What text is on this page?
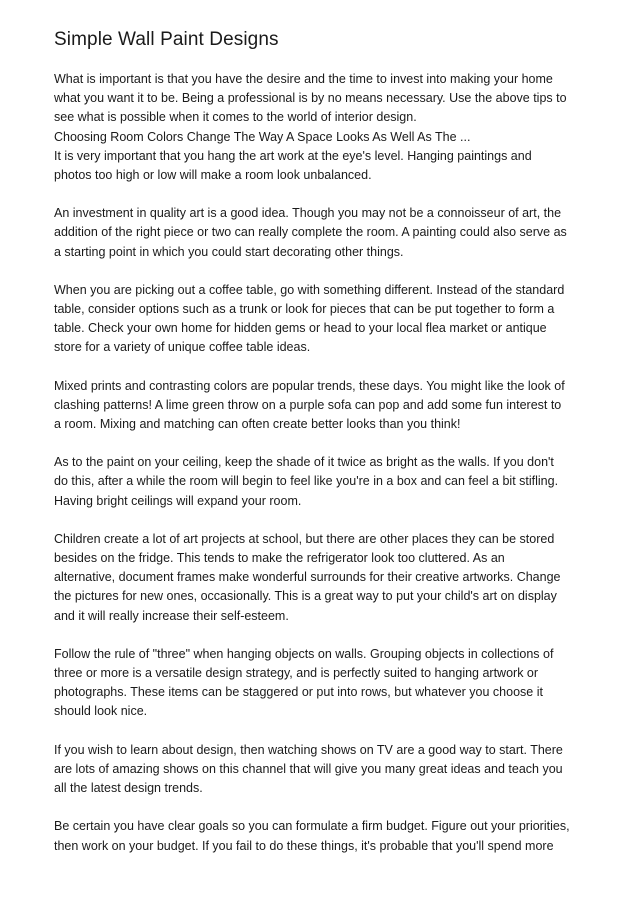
Simple Wall Paint Designs

What is important is that you have the desire and the time to invest into making your home
what you want it to be. Being a professional is by no means necessary. Use the above tips to
see what is possible when it comes to the world of interior design.
Choosing Room Colors Change The Way A Space Looks As Well As The ...
It is very important that you hang the art work at the eye's level. Hanging paintings and
photos too high or low will make a room look unbalanced.

An investment in quality art is a good idea. Though you may not be a connoisseur of art, the
addition of the right piece or two can really complete the room. A painting could also serve as
a starting point in which you could start decorating other things.

When you are picking out a coffee table, go with something different. Instead of the standard
table, consider options such as a trunk or look for pieces that can be put together to form a
table. Check your own home for hidden gems or head to your local flea market or antique
store for a variety of unique coffee table ideas.

Mixed prints and contrasting colors are popular trends, these days. You might like the look of
clashing patterns! A lime green throw on a purple sofa can pop and add some fun interest to
a room. Mixing and matching can often create better looks than you think!

As to the paint on your ceiling, keep the shade of it twice as bright as the walls. If you don't
do this, after a while the room will begin to feel like you're in a box and can feel a bit stifling.
Having bright ceilings will expand your room.

Children create a lot of art projects at school, but there are other places they can be stored
besides on the fridge. This tends to make the refrigerator look too cluttered. As an
alternative, document frames make wonderful surrounds for their creative artworks. Change
the pictures for new ones, occasionally. This is a great way to put your child's art on display
and it will really increase their self-esteem.

Follow the rule of "three" when hanging objects on walls. Grouping objects in collections of
three or more is a versatile design strategy, and is perfectly suited to hanging artwork or
photographs. These items can be staggered or put into rows, but whatever you choose it
should look nice.

If you wish to learn about design, then watching shows on TV are a good way to start. There
are lots of amazing shows on this channel that will give you many great ideas and teach you
all the latest design trends.

Be certain you have clear goals so you can formulate a firm budget. Figure out your priorities,
then work on your budget. If you fail to do these things, it's probable that you'll spend more
